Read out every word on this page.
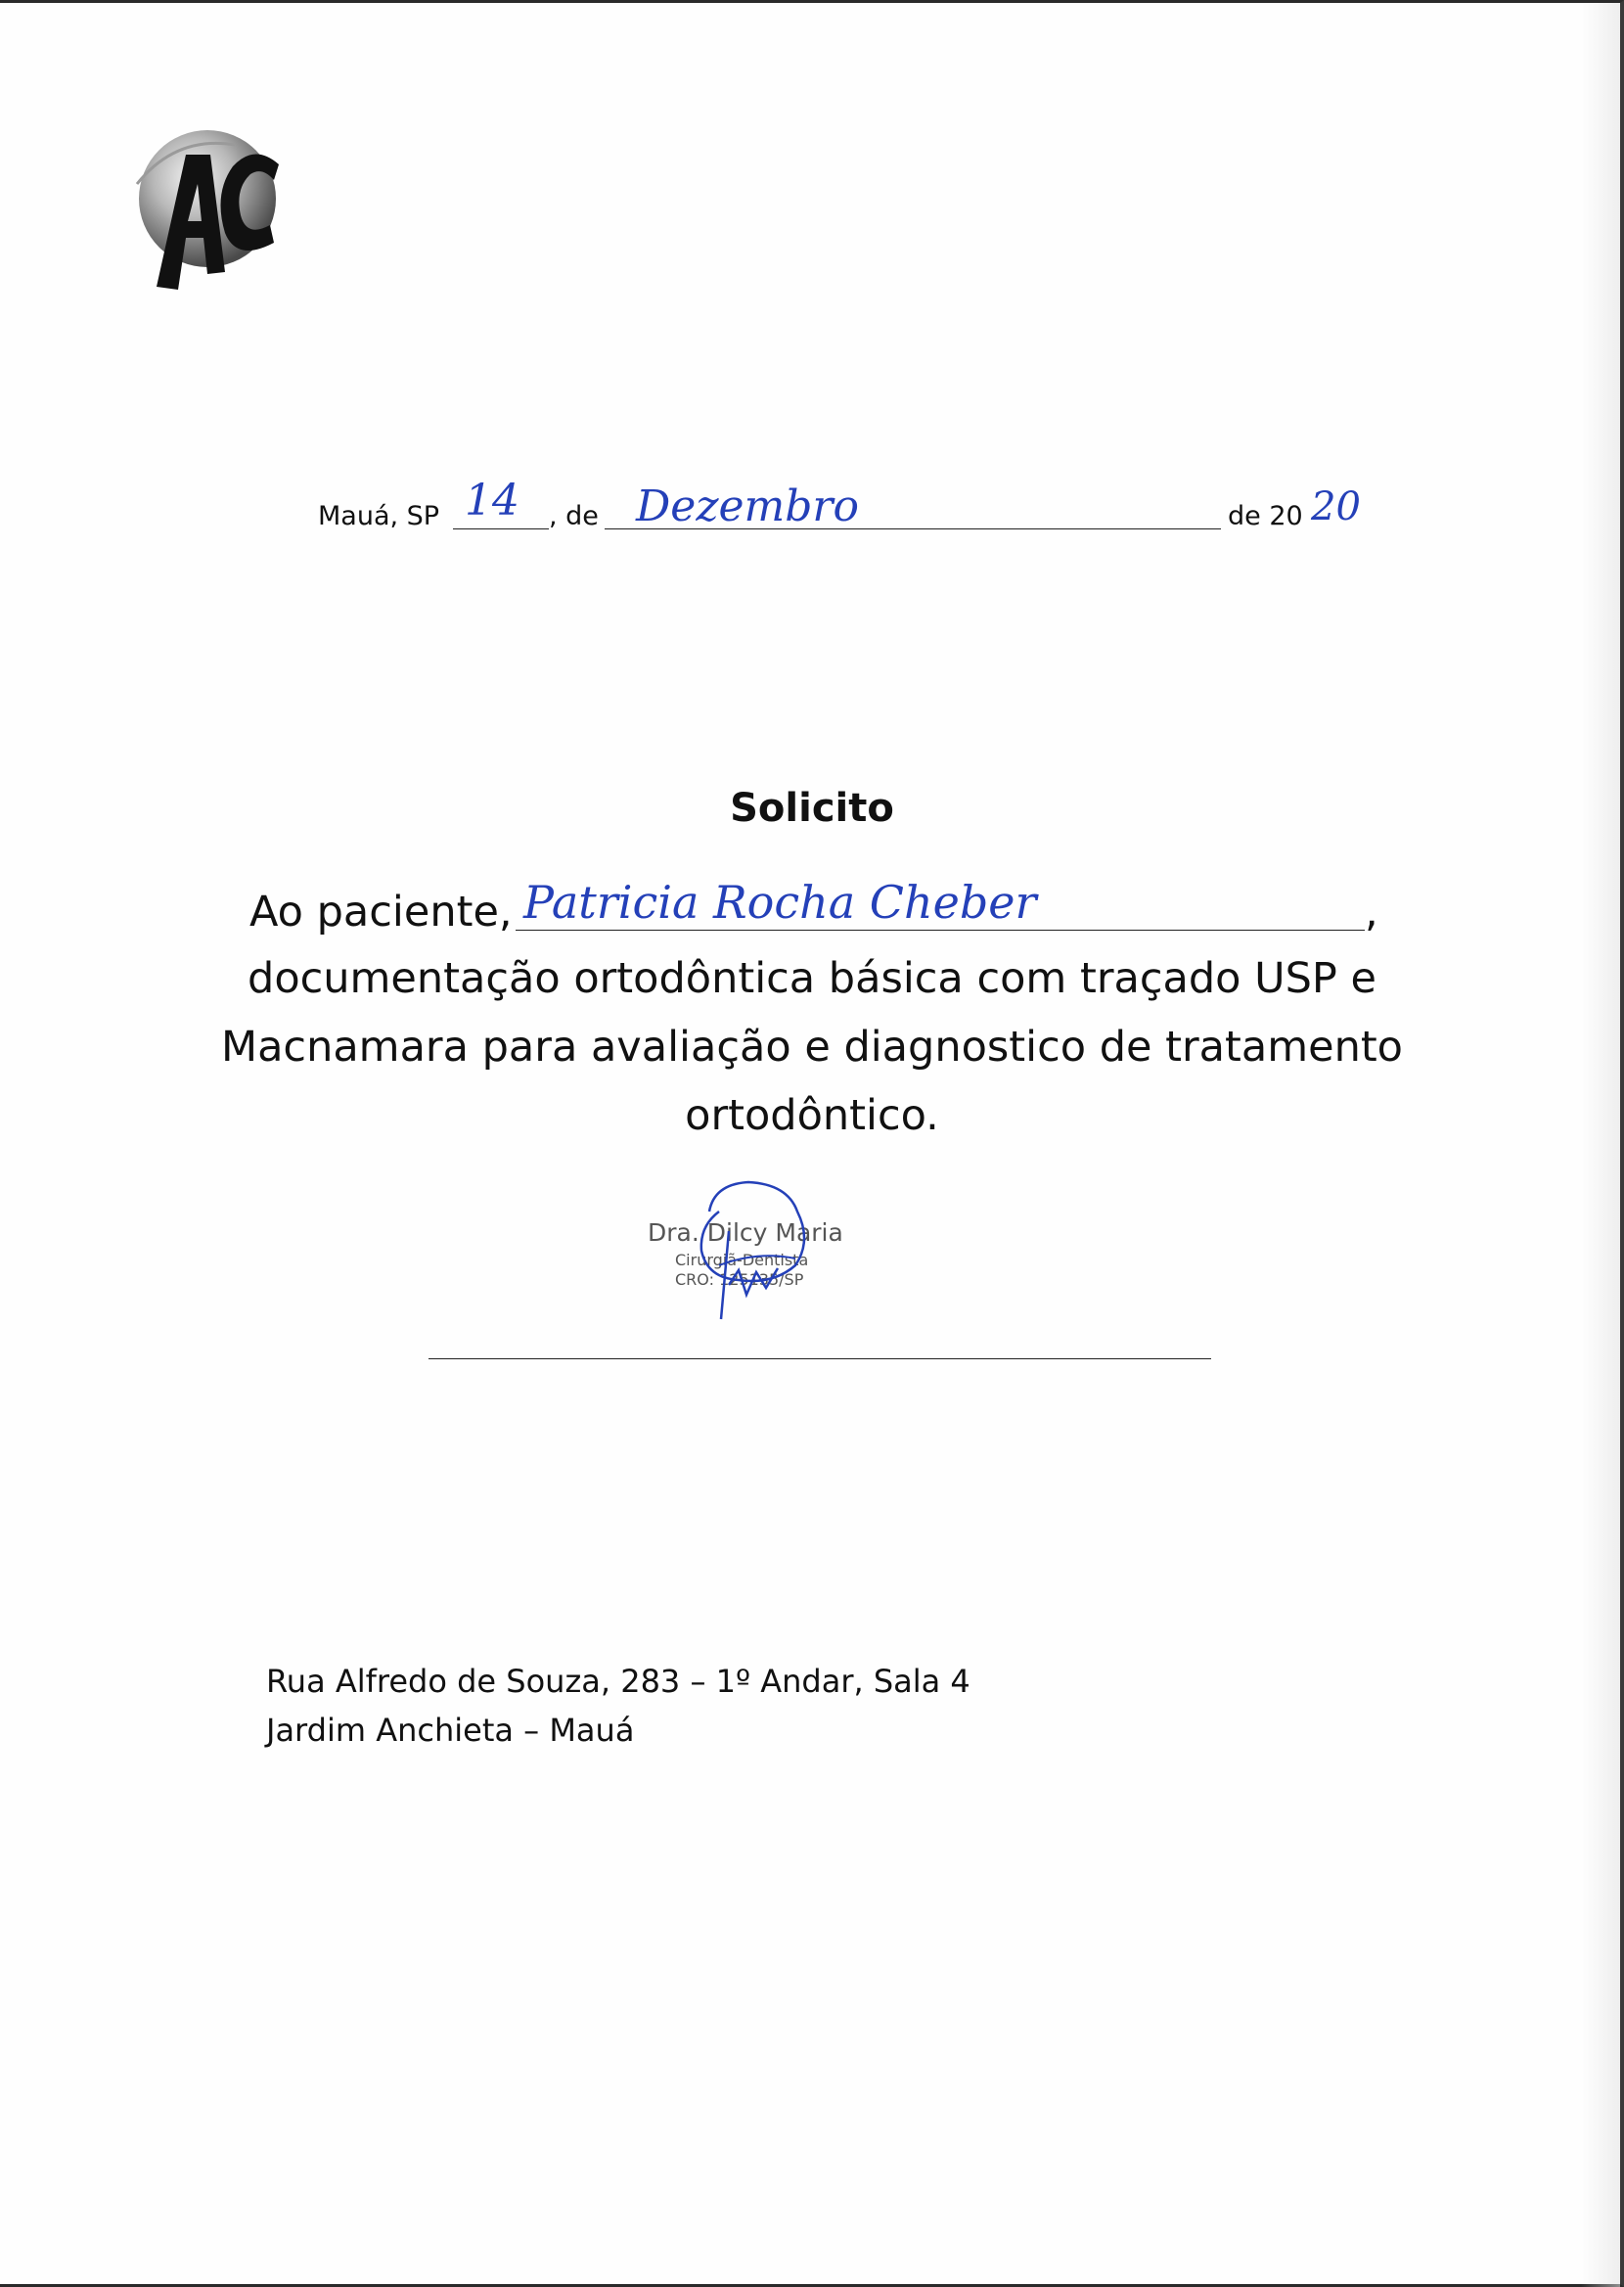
Mauá, SP 14 , de Dezembro	de 20 20
Solicito
Ao paciente, Patricia Rocha Cheber	,
documentação ortodôntica básica com traçado USP e
Macnamara para avaliação e diagnostico de tratamento
ortodôntico.
Dra. Dilcy Maria
Cirurgiã-Dentista
CRO: 125135/SP
Rua Alfredo de Souza, 283 – 1º Andar, Sala 4
Jardim Anchieta – Mauá
